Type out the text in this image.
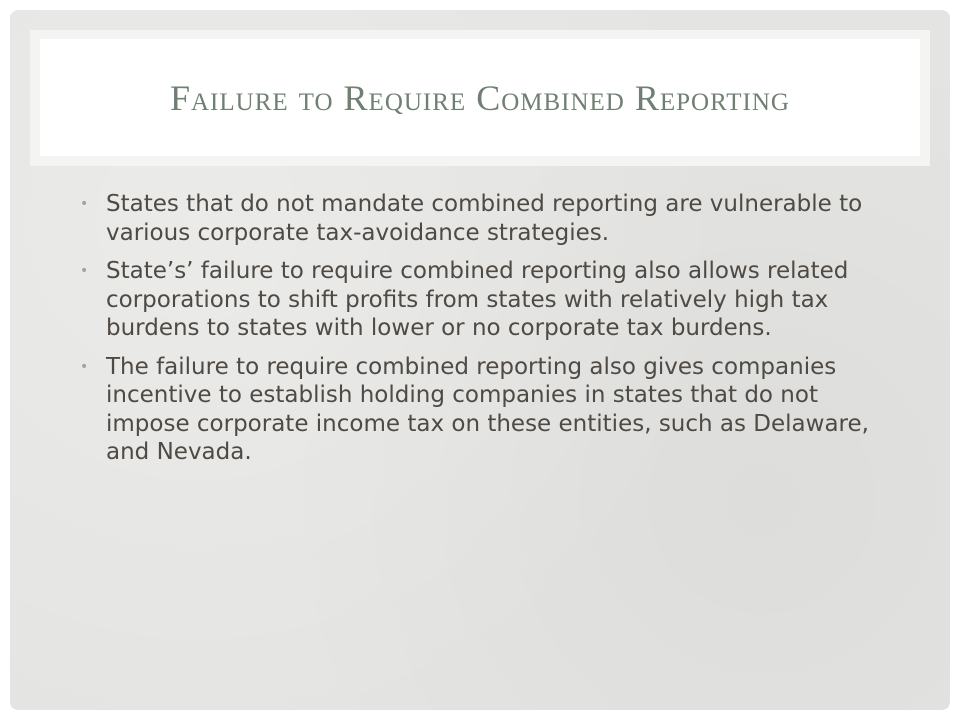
Failure to Require Combined Reporting
• States that do not mandate combined reporting are vulnerable to various corporate tax-avoidance strategies.
• State’s’ failure to require combined reporting also allows related corporations to shift profits from states with relatively high tax burdens to states with lower or no corporate tax burdens.
• The failure to require combined reporting also gives companies incentive to establish holding companies in states that do not impose corporate income tax on these entities, such as Delaware, and Nevada.
